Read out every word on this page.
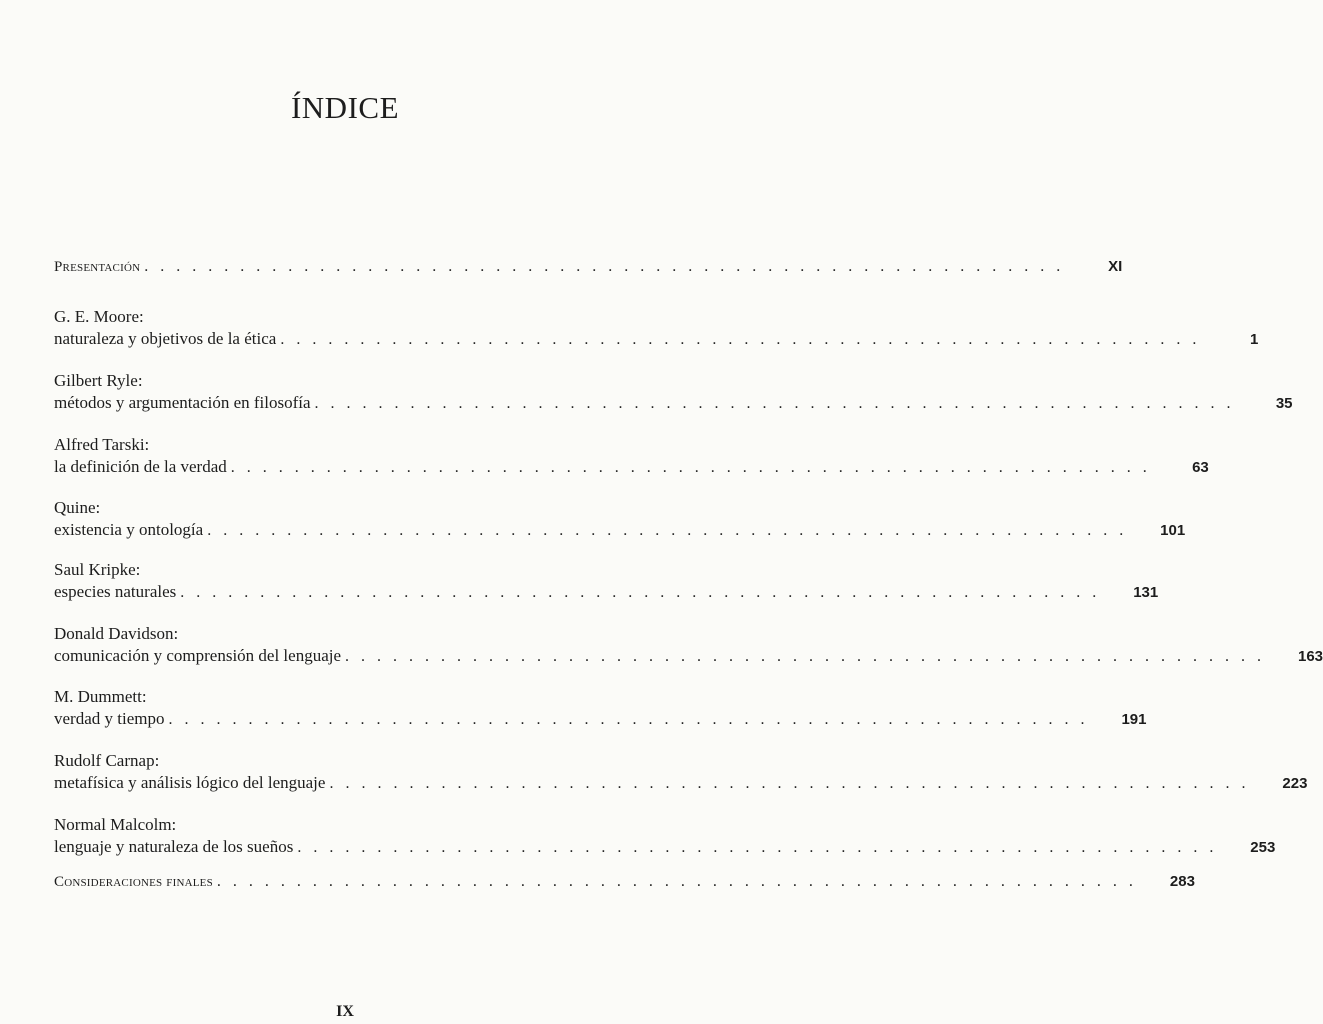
ÍNDICE
Presentación . . . . . . . . . . . . . . . . . . . . . . . . . . . . . . . . . . . . . . . . . . . . . . . . . . . . . . . . . .	XI
G. E. Moore:
naturaleza y objetivos de la ética . . . . . . . . . . . . . . . . . . . . . . . . . . . . . . . . . . . . . . . . . . . . . . . . . . . . . . . . . .	1
Gilbert Ryle:
métodos y argumentación en filosofía . . . . . . . . . . . . . . . . . . . . . . . . . . . . . . . . . . . . . . . . . . . . . . . . . . . . . . . . . .	35
Alfred Tarski:
la definición de la verdad . . . . . . . . . . . . . . . . . . . . . . . . . . . . . . . . . . . . . . . . . . . . . . . . . . . . . . . . . .	63
Quine:
existencia y ontología . . . . . . . . . . . . . . . . . . . . . . . . . . . . . . . . . . . . . . . . . . . . . . . . . . . . . . . . . .	101
Saul Kripke:
especies naturales . . . . . . . . . . . . . . . . . . . . . . . . . . . . . . . . . . . . . . . . . . . . . . . . . . . . . . . . . .	131
Donald Davidson:
comunicación y comprensión del lenguaje . . . . . . . . . . . . . . . . . . . . . . . . . . . . . . . . . . . . . . . . . . . . . . . . . . . . . . . . . .	163
M. Dummett:
verdad y tiempo . . . . . . . . . . . . . . . . . . . . . . . . . . . . . . . . . . . . . . . . . . . . . . . . . . . . . . . . . .	191
Rudolf Carnap:
metafísica y análisis lógico del lenguaje . . . . . . . . . . . . . . . . . . . . . . . . . . . . . . . . . . . . . . . . . . . . . . . . . . . . . . . . . .	223
Normal Malcolm:
lenguaje y naturaleza de los sueños . . . . . . . . . . . . . . . . . . . . . . . . . . . . . . . . . . . . . . . . . . . . . . . . . . . . . . . . . .	253
Consideraciones finales . . . . . . . . . . . . . . . . . . . . . . . . . . . . . . . . . . . . . . . . . . . . . . . . . . . . . . . . . .	283
IX
